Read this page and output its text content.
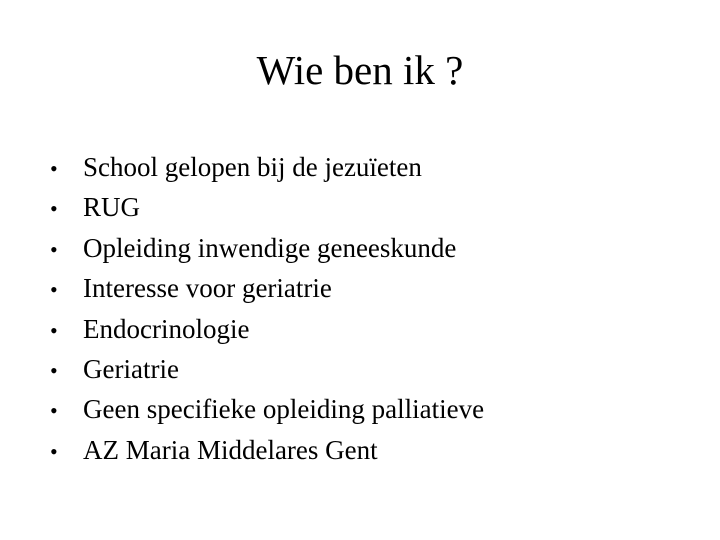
Wie ben ik ?
• School gelopen bij de jezuïeten
• RUG
• Opleiding inwendige geneeskunde
• Interesse voor geriatrie
• Endocrinologie
• Geriatrie
• Geen specifieke opleiding palliatieve
• AZ Maria Middelares Gent
